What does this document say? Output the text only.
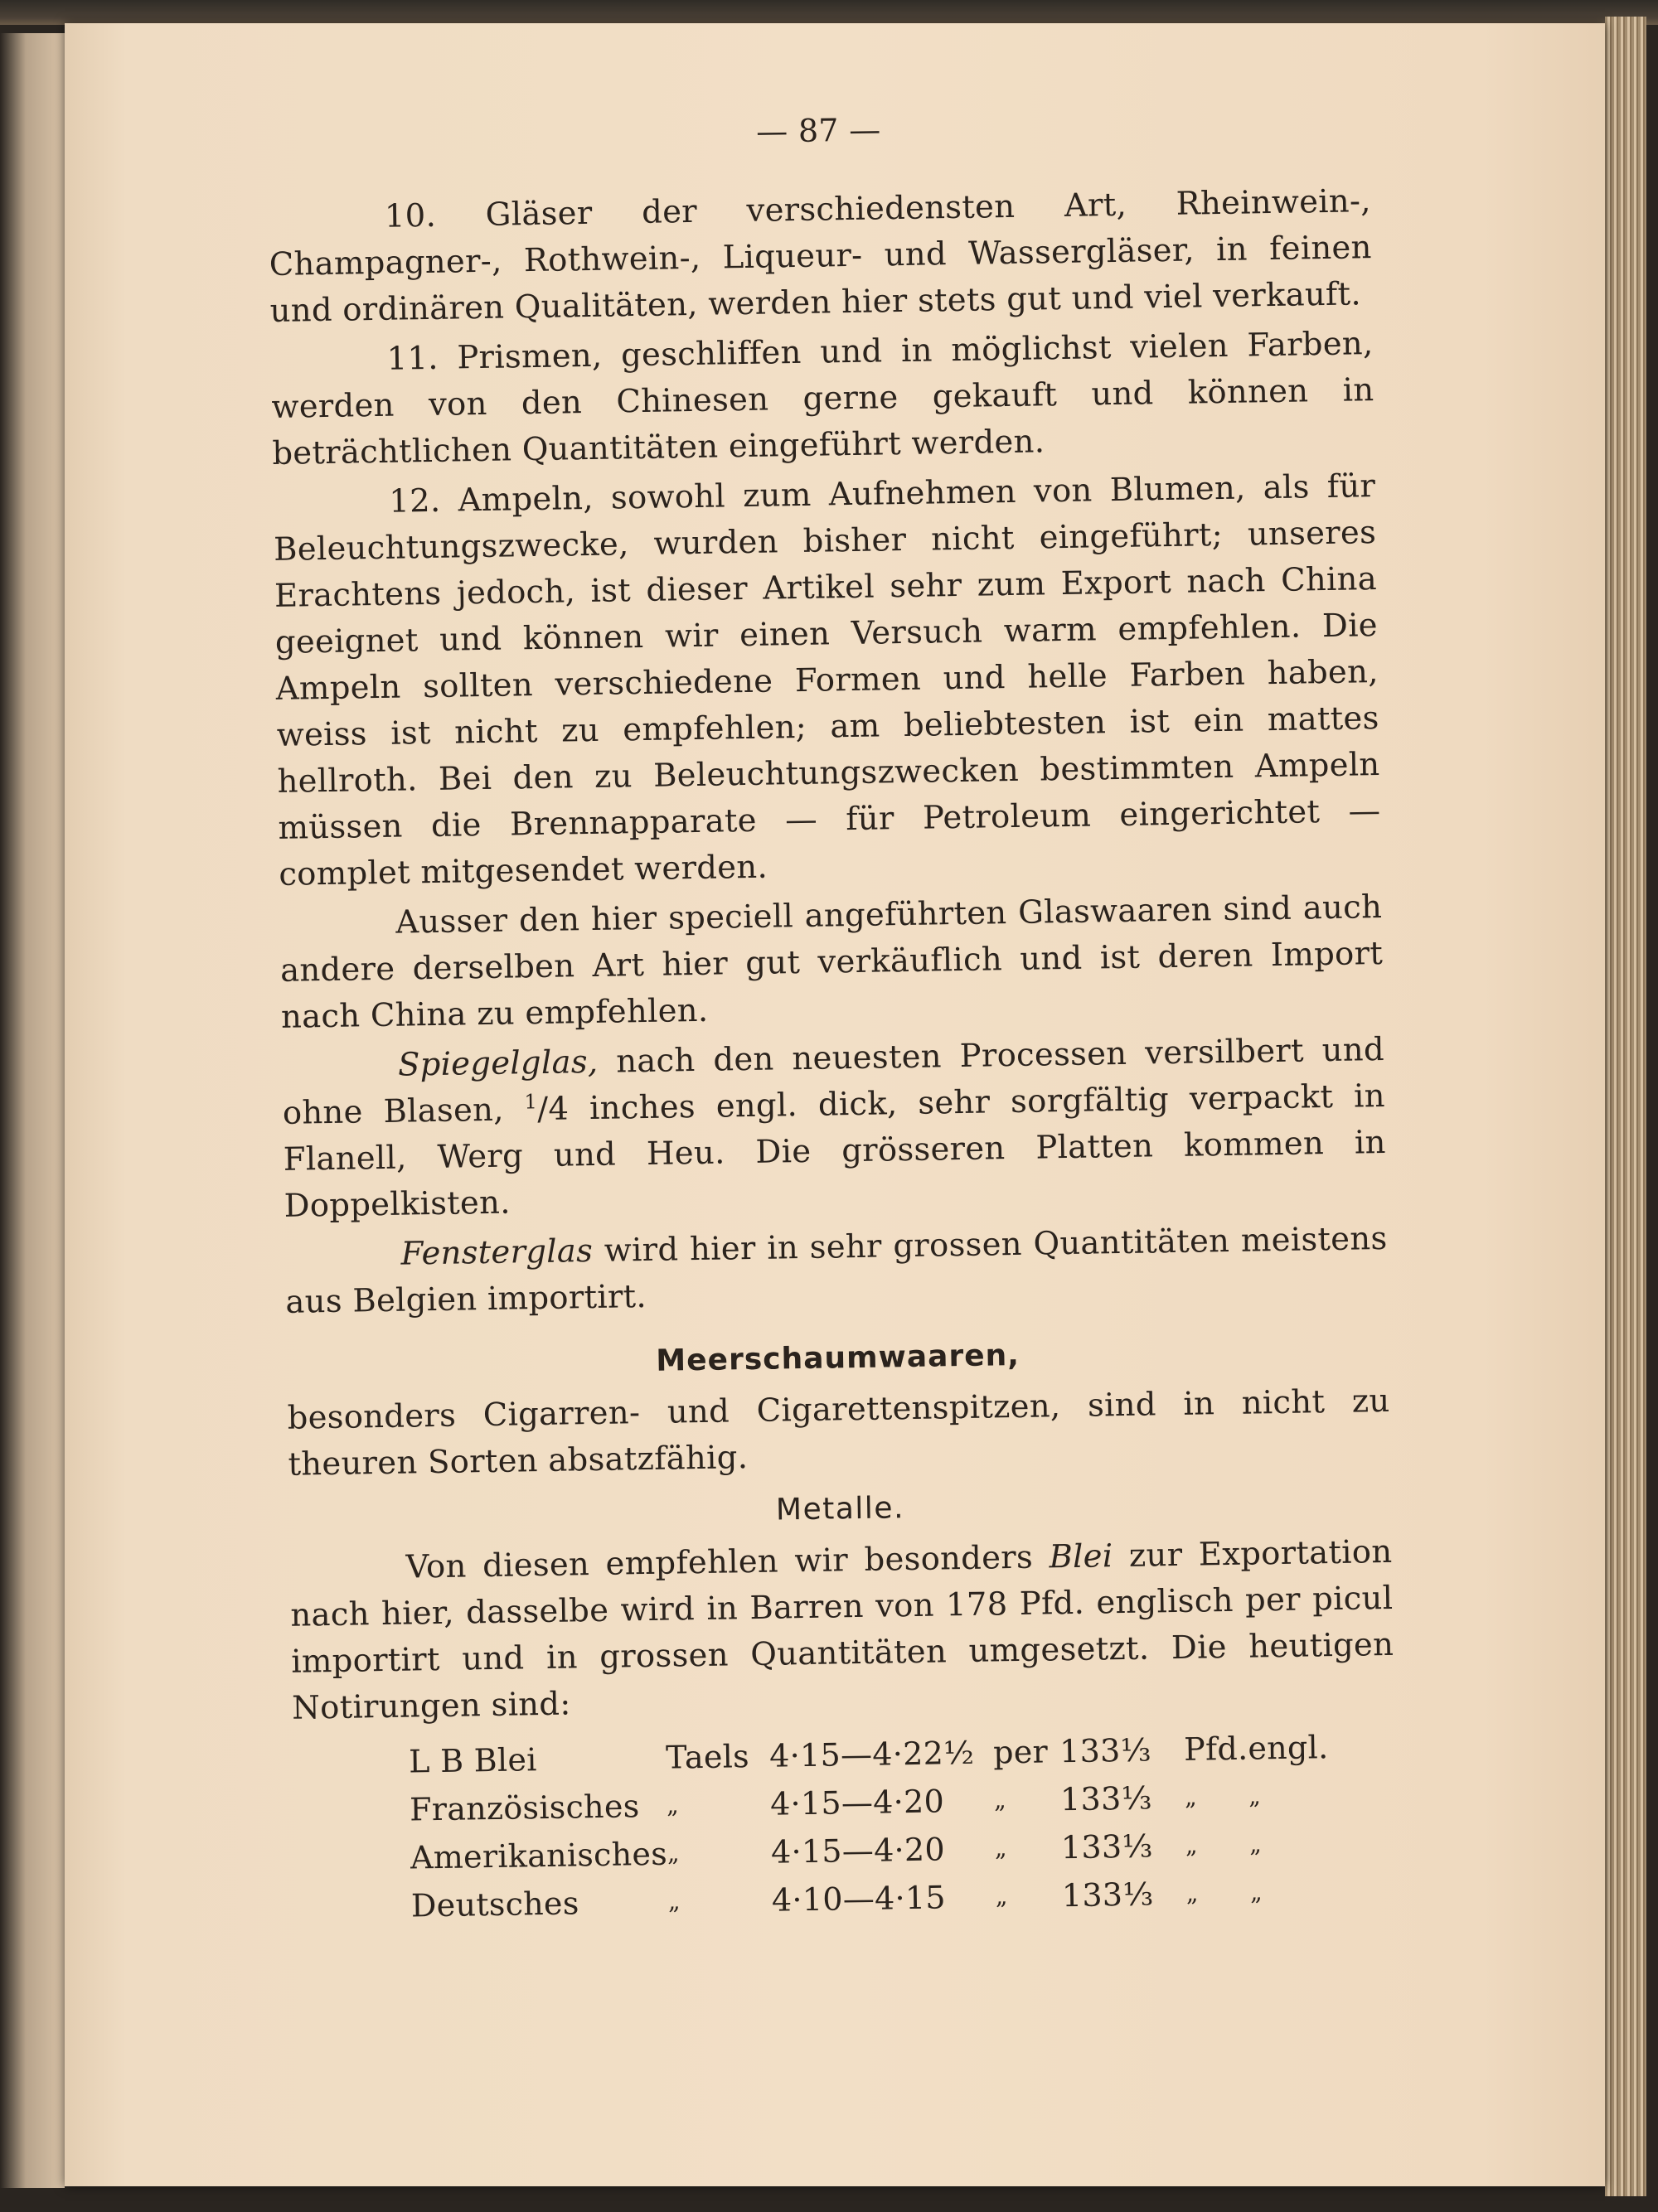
— 87 —

10. Gläser der verschiedensten Art, Rheinwein-, Champagner-, Rothwein-, Liqueur- und Wassergläser, in feinen und ordinären Qualitäten, werden hier stets gut und viel verkauft.

11. Prismen, geschliffen und in möglichst vielen Farben, werden von den Chinesen gerne gekauft und können in beträchtlichen Quantitäten eingeführt werden.

12. Ampeln, sowohl zum Aufnehmen von Blumen, als für Beleuchtungszwecke, wurden bisher nicht eingeführt; unseres Erachtens jedoch, ist dieser Artikel sehr zum Export nach China geeignet und können wir einen Versuch warm empfehlen. Die Ampeln sollten verschiedene Formen und helle Farben haben, weiss ist nicht zu empfehlen; am beliebtesten ist ein mattes hellroth. Bei den zu Beleuchtungszwecken bestimmten Ampeln müssen die Brennapparate — für Petroleum eingerichtet — complet mitgesendet werden.

Ausser den hier speciell angeführten Glaswaaren sind auch andere derselben Art hier gut verkäuflich und ist deren Import nach China zu empfehlen.

Spiegelglas, nach den neuesten Processen versilbert und ohne Blasen, $^1$/4 inches engl. dick, sehr sorgfältig verpackt in Flanell, Werg und Heu. Die grösseren Platten kommen in Doppelkisten.

Fensterglas wird hier in sehr grossen Quantitäten meistens aus Belgien importirt.

Meerschaumwaaren,

besonders Cigarren- und Cigarettenspitzen, sind in nicht zu theuren Sorten absatzfähig.

Metalle.

Von diesen empfehlen wir besonders Blei zur Exportation nach hier, dasselbe wird in Barren von 178 Pfd. englisch per picul importirt und in grossen Quantitäten umgesetzt. Die heutigen Notirungen sind:

L B Blei	Taels	4·15—4·22½	per	133⅓	Pfd.	engl.
Französisches	„	4·15—4·20	„	133⅓	„	„
Amerikanisches	„	4·15—4·20	„	133⅓	„	„
Deutsches	„	4·10—4·15	„	133⅓	„	„
